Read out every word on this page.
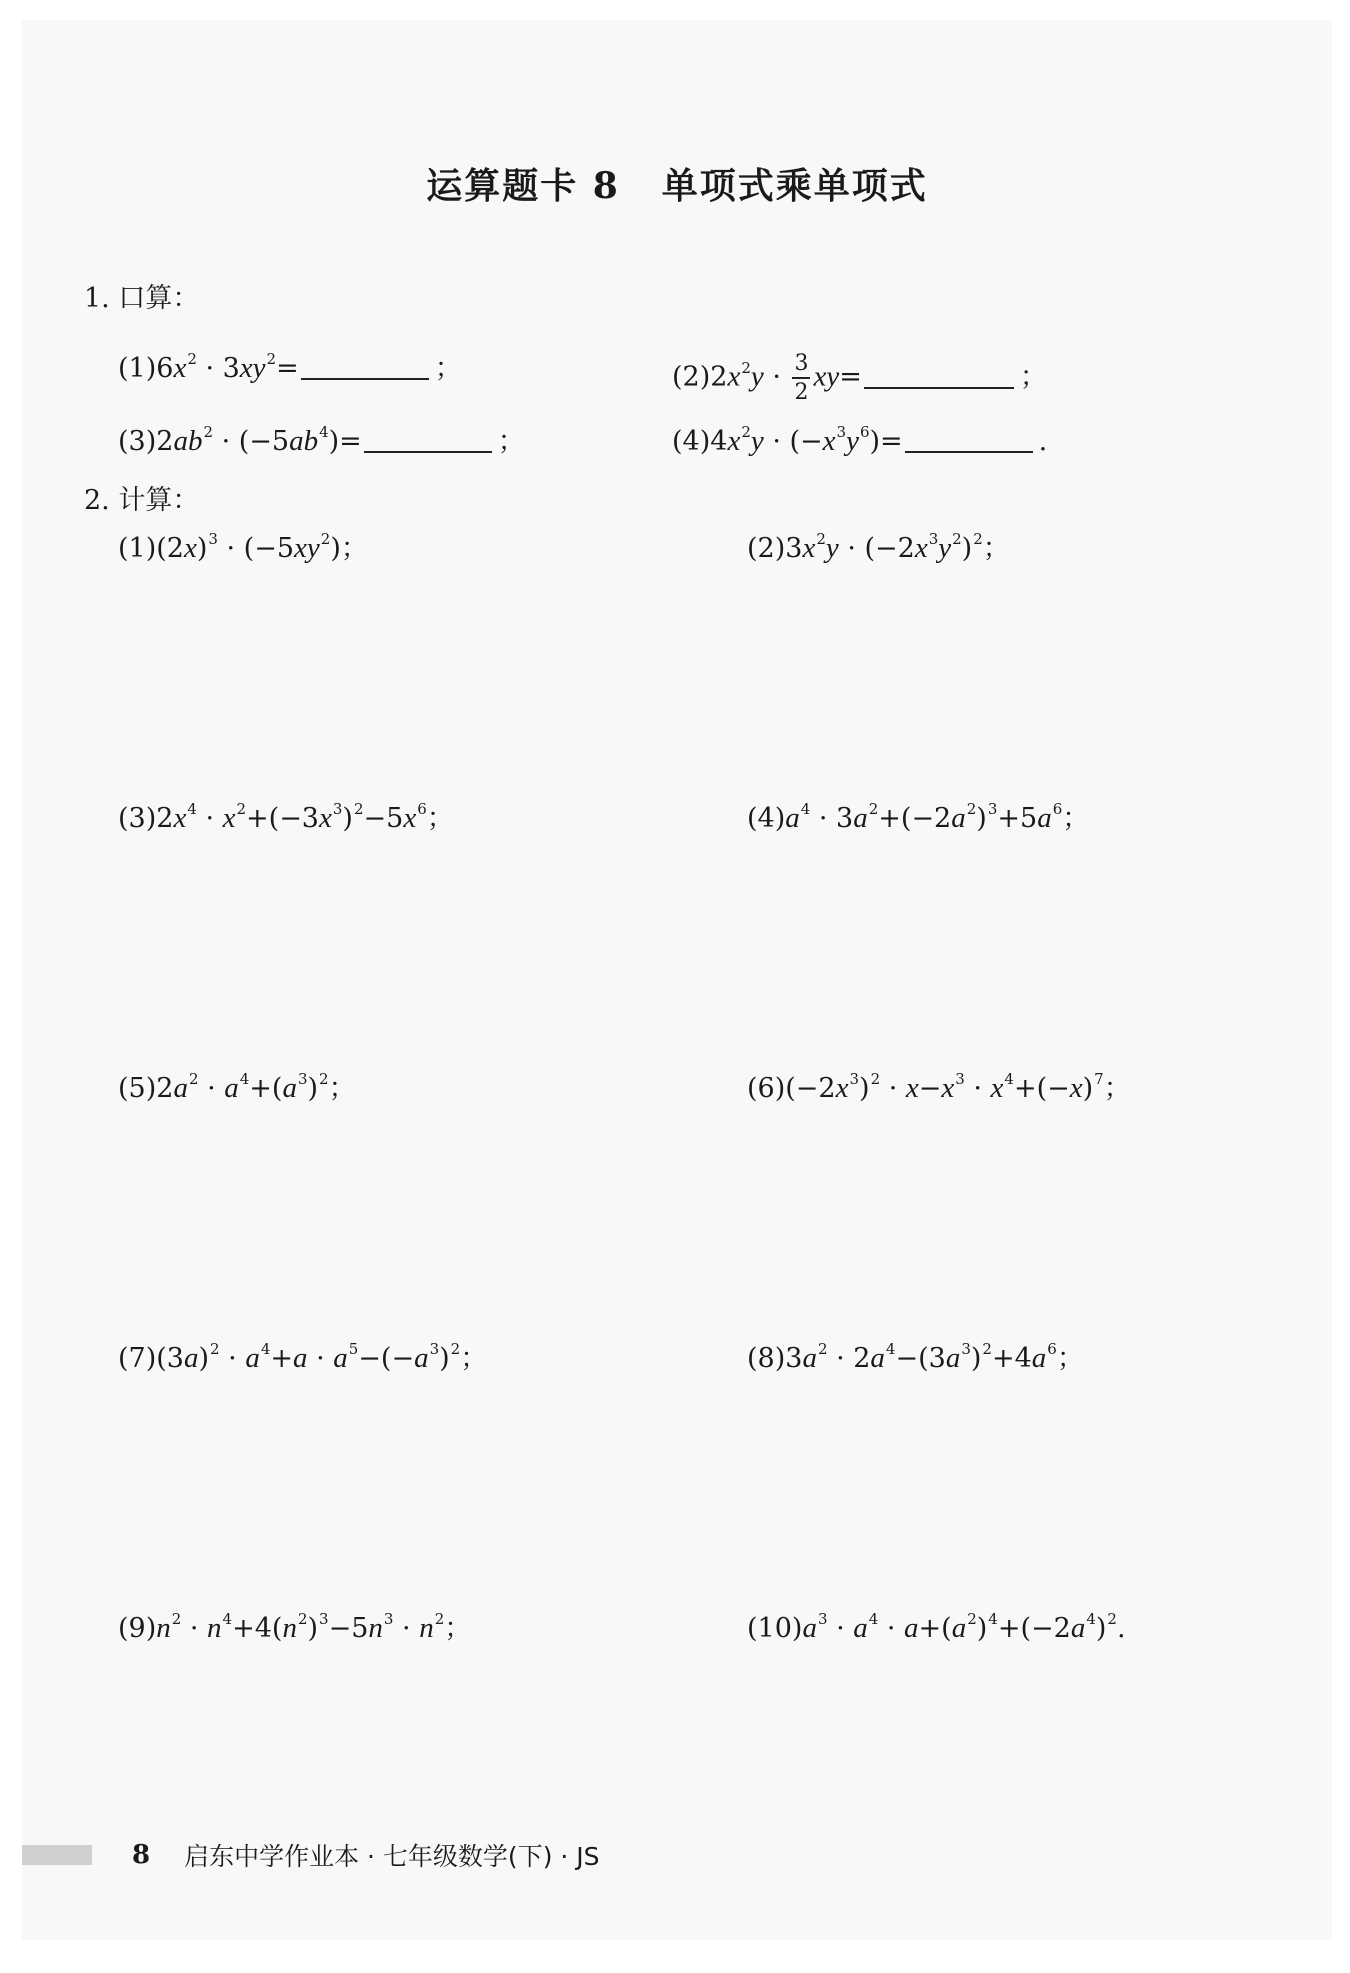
运算题卡 8 单项式乘单项式
1. 口算：
$(1)6x^2 \cdot 3xy^2=$	；	$(2)2x^2y \cdot \frac{3}{2} xy=$	；
$(3)2ab^2 \cdot (-5ab^4)=$	；	$(4)4x^2y \cdot (-x^3y^6)=$	.
2. 计算：
$(1)(2x)^3 \cdot (-5xy^2)$；	$(2)3x^2y \cdot (-2x^3y^2)^2$；
$(3)2x^4 \cdot x^2+(-3x^3)^2-5x^6$；	$(4)a^4 \cdot 3a^2+(-2a^2)^3+5a^6$；
$(5)2a^2 \cdot a^4+(a^3)^2$；	$(6)(-2x^3)^2 \cdot x-x^3 \cdot x^4+(-x)^7$；
$(7)(3a)^2 \cdot a^4+a \cdot a^5-(-a^3)^2$；	$(8)3a^2 \cdot 2a^4-(3a^3)^2+4a^6$；
$(9)n^2 \cdot n^4+4(n^2)^3-5n^3 \cdot n^2$；	$(10)a^3 \cdot a^4 \cdot a+(a^2)^4+(-2a^4)^2$.
8 启东中学作业本 · 七年级数学(下) · JS
